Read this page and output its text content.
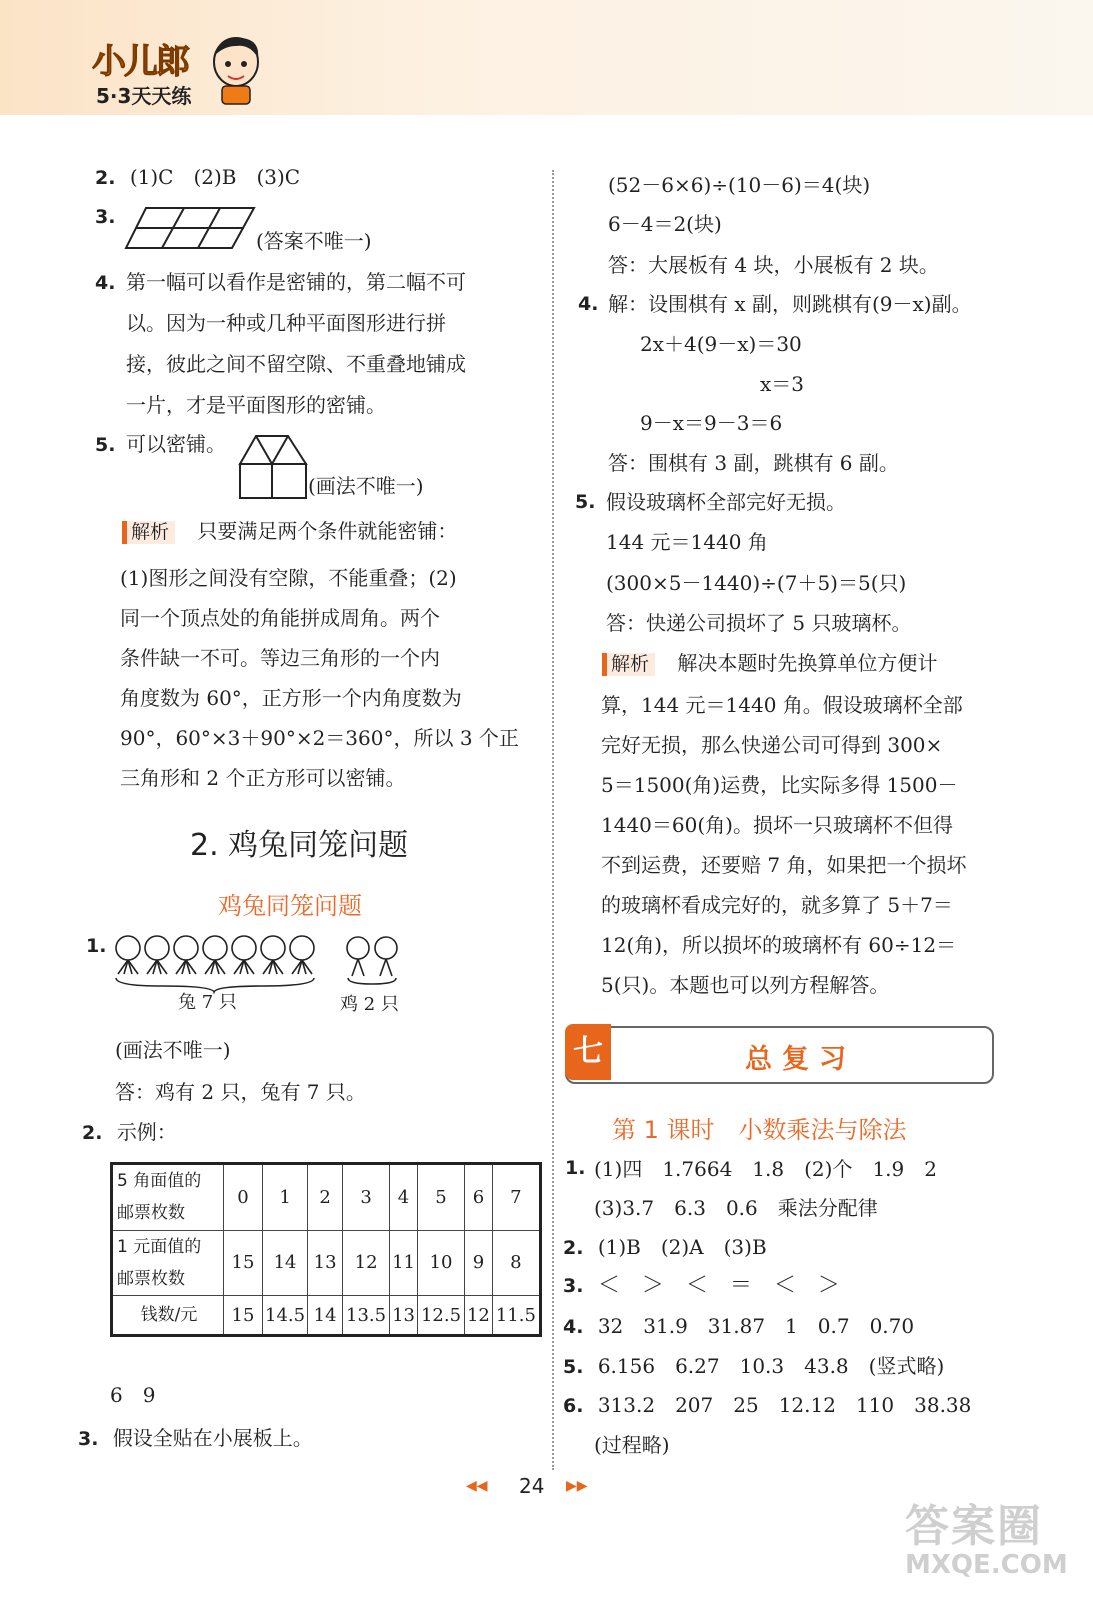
小儿郎
5·3天天练
2. (1)C　(2)B　(3)C
3.
(答案不唯一)
4. 第一幅可以看作是密铺的，第二幅不可
以。因为一种或几种平面图形进行拼
接，彼此之间不留空隙、不重叠地铺成
一片，才是平面图形的密铺。
5. 可以密铺。
(画法不唯一)
解析 只要满足两个条件就能密铺：
(1)图形之间没有空隙，不能重叠；(2)
同一个顶点处的角能拼成周角。两个
条件缺一不可。等边三角形的一个内
角度数为 60°，正方形一个内角度数为
90°，60°×3＋90°×2＝360°，所以 3 个正
三角形和 2 个正方形可以密铺。
2. 鸡兔同笼问题
鸡兔同笼问题
1.
兔 7 只	鸡 2 只
(画法不唯一)
答：鸡有 2 只，兔有 7 只。
2. 示例：
5 角面值的
邮票枚数	0	1	2	3	4	5	6	7
1 元面值的
邮票枚数	15	14	13	12	11	10	9	8
钱数/元	15	14.5	14	13.5	13	12.5	12	11.5
6　9
3. 假设全贴在小展板上。
(52－6×6)÷(10－6)＝4(块)
6－4＝2(块)
答：大展板有 4 块，小展板有 2 块。
4. 解：设围棋有 x 副，则跳棋有(9－x)副。
2x＋4(9－x)＝30
x＝3
9－x＝9－3＝6
答：围棋有 3 副，跳棋有 6 副。
5. 假设玻璃杯全部完好无损。
144 元＝1440 角
(300×5－1440)÷(7＋5)＝5(只)
答：快递公司损坏了 5 只玻璃杯。
解析 解决本题时先换算单位方便计
算，144 元＝1440 角。假设玻璃杯全部
完好无损，那么快递公司可得到 300×
5＝1500(角)运费，比实际多得 1500－
1440＝60(角)。损坏一只玻璃杯不但得
不到运费，还要赔 7 角，如果把一个损坏
的玻璃杯看成完好的，就多算了 5＋7＝
12(角)，所以损坏的玻璃杯有 60÷12＝
5(只)。本题也可以列方程解答。
七	总复习
第 1 课时　小数乘法与除法
1. (1)四　1.7664　1.8　(2)个　1.9　2
(3)3.7　6.3　0.6　乘法分配律
2. (1)B　(2)A　(3)B
3. ＜　＞　＜　＝　＜　＞
4. 32　31.9　31.87　1　0.7　0.70
5. 6.156　6.27　10.3　43.8　(竖式略)
6. 313.2　207　25　12.12　110　38.38
(过程略)
◀◀ 24 ▶▶
答案圈
MXQE.COM
